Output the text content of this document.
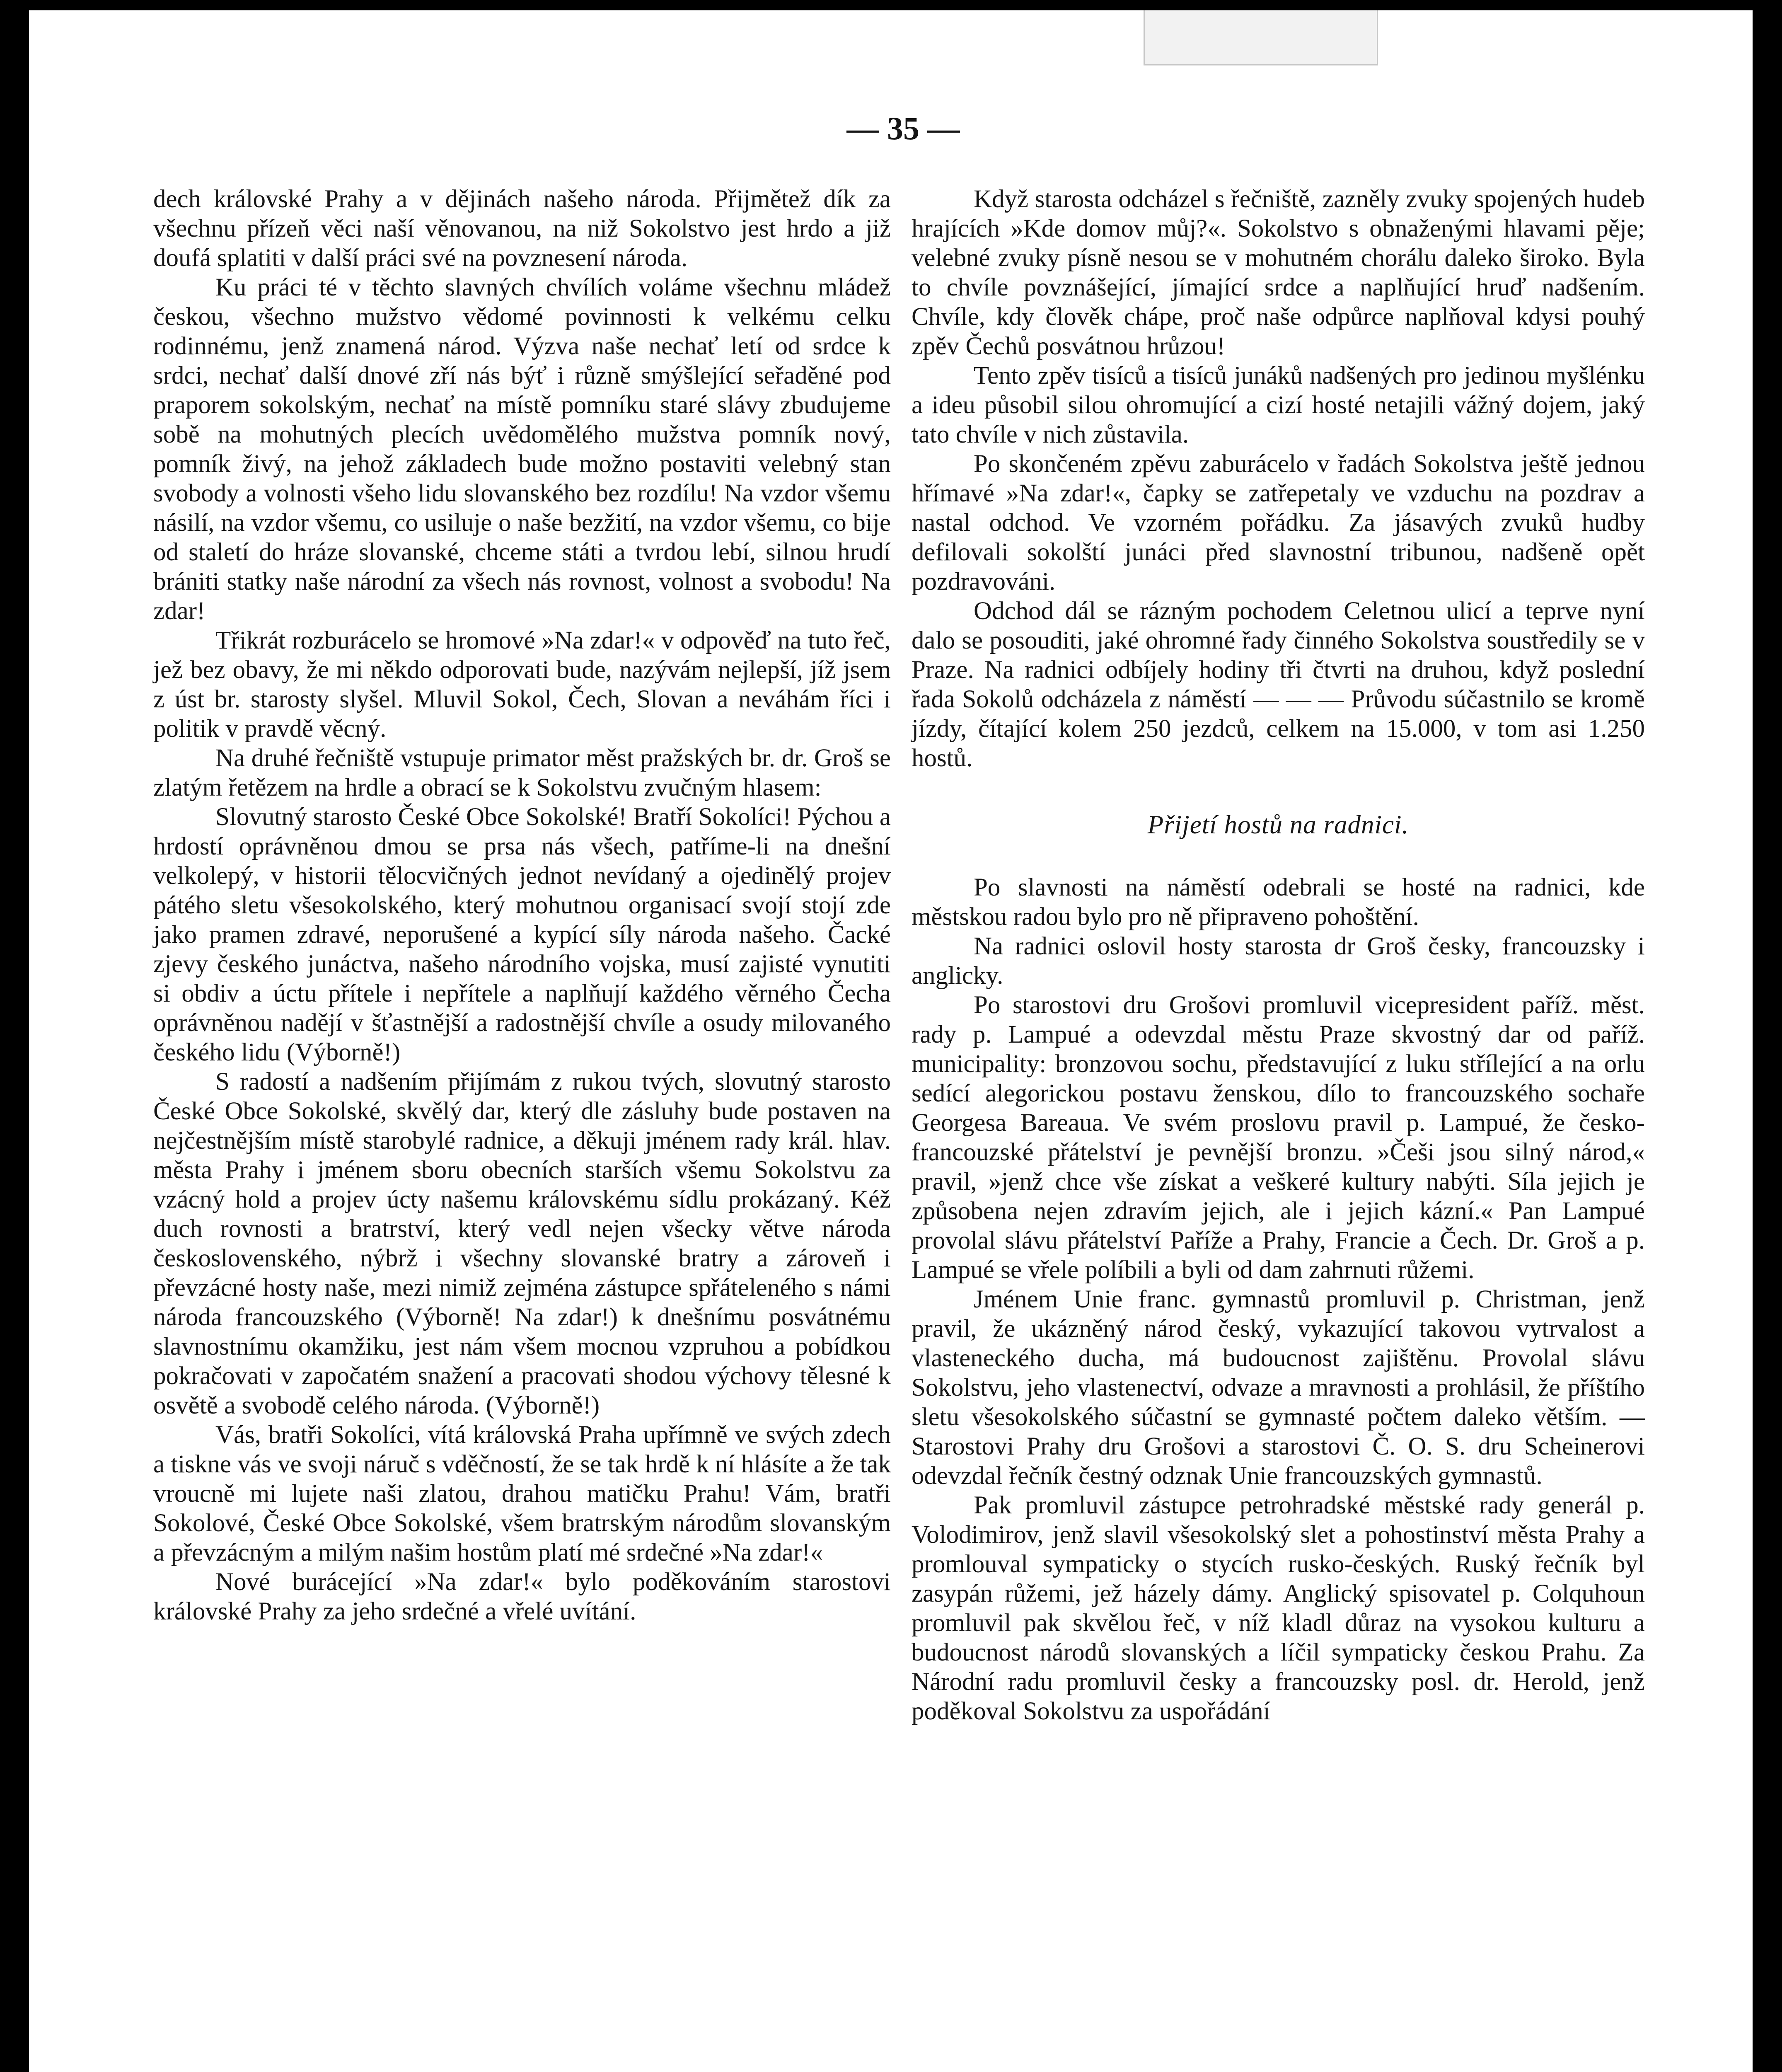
— 35 —

dech královské Prahy a v dějinách našeho národa. Přijmětež dík za všechnu přízeň věci naší věnovanou, na niž Sokolstvo jest hrdo a již doufá splatiti v další práci své na povznesení národa.

Ku práci té v těchto slavných chvílích voláme všechnu mládež českou, všechno mužstvo vědomé povinnosti k velkému celku rodinnému, jenž znamená národ. Výzva naše nechať letí od srdce k srdci, nechať další dnové zří nás býť i různě smýšlející seřaděné pod praporem sokolským, nechať na místě pomníku staré slávy zbudujeme sobě na mohutných plecích uvědomělého mužstva pomník nový, pomník živý, na jehož základech bude možno postaviti velebný stan svobody a volnosti všeho lidu slovanského bez rozdílu! Na vzdor všemu násilí, na vzdor všemu, co usiluje o naše bezžití, na vzdor všemu, co bije od staletí do hráze slovanské, chceme státi a tvrdou lebí, silnou hrudí brániti statky naše národní za všech nás rovnost, volnost a svobodu! Na zdar!

Třikrát rozburácelo se hromové »Na zdar!« v odpověď na tuto řeč, jež bez obavy, že mi někdo odporovati bude, nazývám nejlepší, jíž jsem z úst br. starosty slyšel. Mluvil Sokol, Čech, Slovan a neváhám říci i politik v pravdě věcný.

Na druhé řečniště vstupuje primator měst pražských br. dr. Groš se zlatým řetězem na hrdle a obrací se k Sokolstvu zvučným hlasem:

Slovutný starosto České Obce Sokolské! Bratří Sokolíci! Pýchou a hrdostí oprávněnou dmou se prsa nás všech, patříme-li na dnešní velkolepý, v historii tělocvičných jednot nevídaný a ojedinělý projev pátého sletu všesokolského, který mohutnou organisací svojí stojí zde jako pramen zdravé, neporušené a kypící síly národa našeho. Čacké zjevy českého junáctva, našeho národního vojska, musí zajisté vynutiti si obdiv a úctu přítele i nepřítele a naplňují každého věrného Čecha oprávněnou nadějí v šťastnější a radostnější chvíle a osudy milovaného českého lidu (Výborně!)

S radostí a nadšením přijímám z rukou tvých, slovutný starosto České Obce Sokolské, skvělý dar, který dle zásluhy bude postaven na nejčestnějším místě starobylé radnice, a děkuji jménem rady král. hlav. města Prahy i jménem sboru obecních starších všemu Sokolstvu za vzácný hold a projev úcty našemu královskému sídlu prokázaný. Kéž duch rovnosti a bratrství, který vedl nejen všecky větve národa československého, nýbrž i všechny slovanské bratry a zároveň i převzácné hosty naše, mezi nimiž zejména zástupce spřáteleného s námi národa francouzského (Výborně! Na zdar!) k dnešnímu posvátnému slavnostnímu okamžiku, jest nám všem mocnou vzpruhou a pobídkou pokračovati v započatém snažení a pracovati shodou výchovy tělesné k osvětě a svobodě celého národa. (Výborně!)

Vás, bratři Sokolíci, vítá královská Praha upřímně ve svých zdech a tiskne vás ve svoji náruč s vděčností, že se tak hrdě k ní hlásíte a že tak vroucně mi lujete naši zlatou, drahou matičku Prahu! Vám, bratři Sokolové, České Obce Sokolské, všem bratrským národům slovanským a převzácným a milým našim hostům platí mé srdečné »Na zdar!«

Nové burácející »Na zdar!« bylo poděkováním starostovi královské Prahy za jeho srdečné a vřelé uvítání.

Když starosta odcházel s řečniště, zazněly zvuky spojených hudeb hrajících »Kde domov můj?«. Sokolstvo s obnaženými hlavami pěje; velebné zvuky písně nesou se v mohutném chorálu daleko široko. Byla to chvíle povznášející, jímající srdce a naplňující hruď nadšením. Chvíle, kdy člověk chápe, proč naše odpůrce naplňoval kdysi pouhý zpěv Čechů posvátnou hrůzou!

Tento zpěv tisíců a tisíců junáků nadšených pro jedinou myšlénku a ideu působil silou ohromující a cizí hosté netajili vážný dojem, jaký tato chvíle v nich zůstavila.

Po skončeném zpěvu zaburácelo v řadách Sokolstva ještě jednou hřímavé »Na zdar!«, čapky se zatřepetaly ve vzduchu na pozdrav a nastal odchod. Ve vzorném pořádku. Za jásavých zvuků hudby defilovali sokolští junáci před slavnostní tribunou, nadšeně opět pozdravováni.

Odchod dál se rázným pochodem Celetnou ulicí a teprve nyní dalo se posouditi, jaké ohromné řady činného Sokolstva soustředily se v Praze. Na radnici odbíjely hodiny tři čtvrti na druhou, když poslední řada Sokolů odcházela z náměstí — — — Průvodu súčastnilo se kromě jízdy, čítající kolem 250 jezdců, celkem na 15.000, v tom asi 1.250 hostů.

Přijetí hostů na radnici.

Po slavnosti na náměstí odebrali se hosté na radnici, kde městskou radou bylo pro ně připraveno pohoštění.

Na radnici oslovil hosty starosta dr Groš česky, francouzsky i anglicky.

Po starostovi dru Grošovi promluvil vicepresident paříž. měst. rady p. Lampué a odevzdal městu Praze skvostný dar od paříž. municipality: bronzovou sochu, představující z luku střílející a na orlu sedící alegorickou postavu ženskou, dílo to francouzského sochaře Georgesa Bareaua. Ve svém proslovu pravil p. Lampué, že česko-francouzské přátelství je pevnější bronzu. »Češi jsou silný národ,« pravil, »jenž chce vše získat a veškeré kultury nabýti. Síla jejich je způsobena nejen zdravím jejich, ale i jejich kázní.« Pan Lampué provolal slávu přátelství Paříže a Prahy, Francie a Čech. Dr. Groš a p. Lampué se vřele políbili a byli od dam zahrnuti růžemi.

Jménem Unie franc. gymnastů promluvil p. Christman, jenž pravil, že ukázněný národ český, vykazující takovou vytrvalost a vlasteneckého ducha, má budoucnost zajištěnu. Provolal slávu Sokolstvu, jeho vlastenectví, odvaze a mravnosti a prohlásil, že příštího sletu všesokolského súčastní se gymnasté počtem daleko větším. — Starostovi Prahy dru Grošovi a starostovi Č. O. S. dru Scheinerovi odevzdal řečník čestný odznak Unie francouzských gymnastů.

Pak promluvil zástupce petrohradské městské rady generál p. Volodimirov, jenž slavil všesokolský slet a pohostinství města Prahy a promlouval sympaticky o stycích rusko-českých. Ruský řečník byl zasypán růžemi, jež házely dámy. Anglický spisovatel p. Colquhoun promluvil pak skvělou řeč, v níž kladl důraz na vysokou kulturu a budoucnost národů slovanských a líčil sympaticky českou Prahu. Za Národní radu promluvil česky a francouzsky posl. dr. Herold, jenž poděkoval Sokolstvu za uspořádání
